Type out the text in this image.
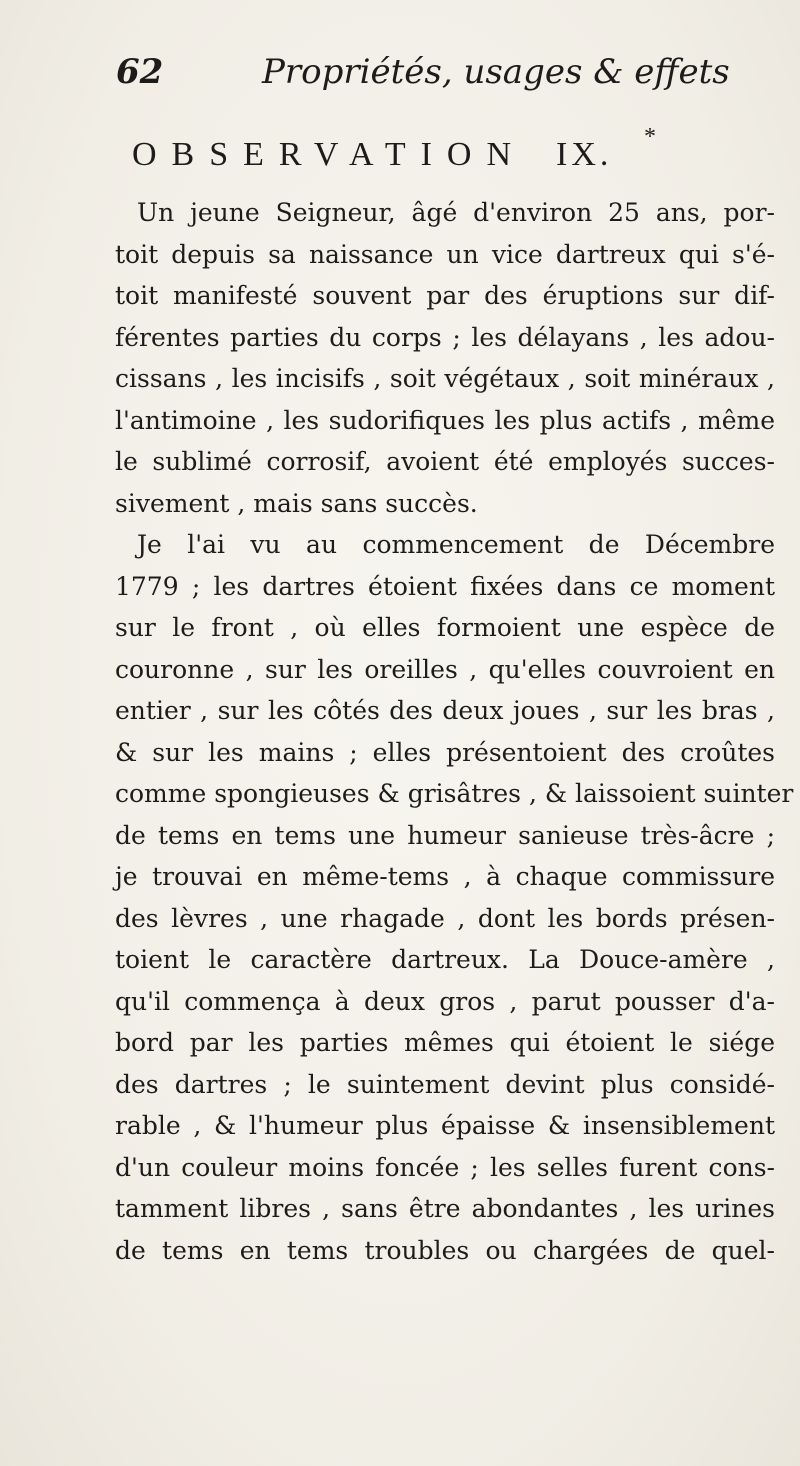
62	Propriétés, usages & effets
OBSERVATION IX. *
Un jeune Seigneur, âgé d'environ 25 ans, por-
toit depuis sa naissance un vice dartreux qui s'é-
toit manifesté souvent par des éruptions sur dif-
férentes parties du corps ; les délayans , les adou-
cissans , les incisifs , soit végétaux , soit minéraux ,
l'antimoine , les sudorifiques les plus actifs , même
le sublimé corrosif, avoient été employés succes-
sivement , mais sans succès.
Je l'ai vu au commencement de Décembre
1779 ; les dartres étoient fixées dans ce moment
sur le front , où elles formoient une espèce de
couronne , sur les oreilles , qu'elles couvroient en
entier , sur les côtés des deux joues , sur les bras ,
& sur les mains ; elles présentoient des croûtes
comme spongieuses & grisâtres , & laissoient suinter
de tems en tems une humeur sanieuse très-âcre ;
je trouvai en même-tems , à chaque commissure
des lèvres , une rhagade , dont les bords présen-
toient le caractère dartreux. La Douce-amère ,
qu'il commença à deux gros , parut pousser d'a-
bord par les parties mêmes qui étoient le siége
des dartres ; le suintement devint plus considé-
rable , & l'humeur plus épaisse & insensiblement
d'un couleur moins foncée ; les selles furent cons-
tamment libres , sans être abondantes , les urines
de tems en tems troubles ou chargées de quel-
